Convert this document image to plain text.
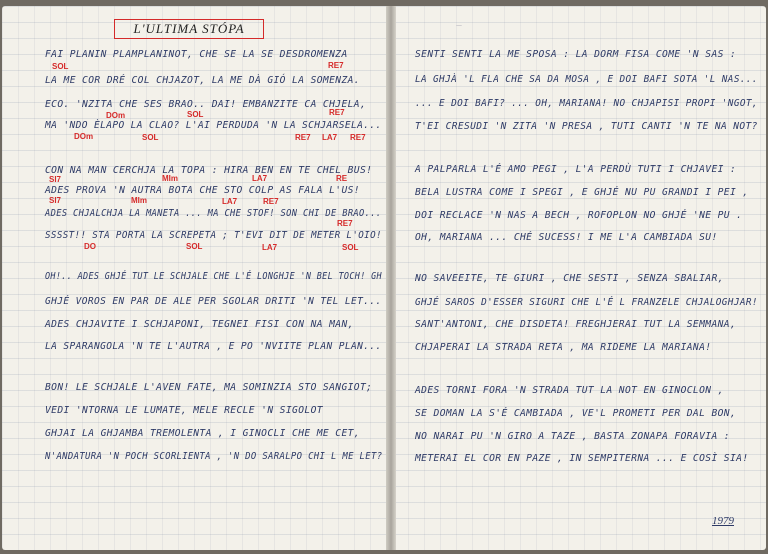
L'ULTIMA STÓPA	—
FAI PLANIN PLAMPLANINOT, CHE SE LA SE DESDROMENZA
LA ME COR DRÉ COL CHJAZOT, LA ME DÀ GIÓ LA SOMENZA.
ECO. 'NZITA CHE SES BRAO.. DAI! EMBANZITE CA CHJELA,
MA 'NDO ÈLAPO LA CLAO? L'AI PERDUDA 'N LA SCHJARSELA...
CON NA MAN CERCHJA LA TOPA : HIRA BEN EN TE CHEL BUS!
ADES PROVA 'N AUTRA BOTA CHE STO COLP AS FALA L'US!
ADES CHJALCHJA LA MANETA ... MA CHE STOF! SON CHI DE BRAO...
SSSST!! STA PORTA LA SCREPETA ; T'EVI DIT DE METER L'OIO!
OH!.. ADES GHJÉ TUT LE SCHJALE CHE L'É LONGHJE 'N BEL TOCH! GH
GHJÉ VOROS EN PAR DE ALE PER SGOLAR DRITI 'N TEL LET...
ADES CHJAVITE I SCHJAPONI, TEGNEI FISI CON NA MAN,
LA SPARANGOLA 'N TE L'AUTRA , E PO 'NVIITE PLAN PLAN...
BON! LE SCHJALE L'AVEN FATE, MA SOMINZIA STO SANGIOT;
VEDI 'NTORNA LE LUMATE, MELE RECLE 'N SIGOLOT
GHJAI LA GHJAMBA TREMOLENTA , I GINOCLI CHE ME CET,
N'ANDATURA 'N POCH SCORLIENTA , 'N DO SARALPO CHI L ME LET?
SOL	RE7
DOm	SOL	RE7
DOm	SOL	RE7 LA7 RE7
SI7	MIm	LA7
SI7	MIm	RE7
LA7
RE
DO	SOL	LA7
RE7
SOL
SENTI SENTI LA ME SPOSA : LA DORM FISA COME 'N SAS :
LA GHJÀ 'L FLA CHE SA DA MOSA , E DOI BAFI SOTA 'L NAS...
... E DOI BAFI? ... OH, MARIANA! NO CHJAPISI PROPI 'NGOT,
T'EI CRESUDI 'N ZITA 'N PRESA , TUTI CANTI 'N TE NA NOT?
A PALPARLA L'É AMO PEGI , L'A PERDÙ TUTI I CHJAVEI :
BELA LUSTRA COME I SPEGI , E GHJÉ NU PU GRANDI I PEI ,
DOI RECLACE 'N NAS A BECH , ROFOPLON NO GHJÉ 'NE PU .
OH, MARIANA ... CHÉ SUCESS! I ME L'A CAMBIADA SU!
NO SAVEEITE, TE GIURI , CHE SESTI , SENZA SBALIAR,
GHJÉ SAROS D'ESSER SIGURI CHE L'É L FRANZELE CHJALOGHJAR!
SANT'ANTONI, CHE DISDETA! FREGHJERAI TUT LA SEMMANA,
CHJAPERAI LA STRADA RETA , MA RIDEME LA MARIANA!
ADES TORNI FORA 'N STRADA TUT LA NOT EN GINOCLON ,
SE DOMAN LA S'É CAMBIADA , VE'L PROMETI PER DAL BON,
NO NARAI PU 'N GIRO A TAZE , BASTA ZONAPA FORAVIA :
METERAI EL COR EN PAZE , IN SEMPITERNA ... E COSÌ SIA!
1979
